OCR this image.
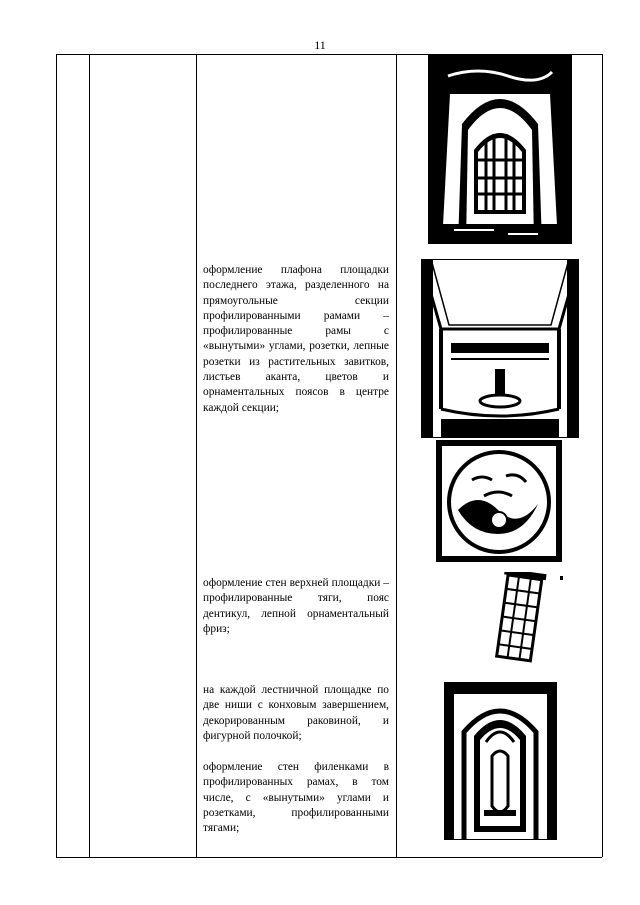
11
оформление плафона площадки последнего этажа, разделенного на прямоугольные секции профилированными рамами – профилированные рамы с «вынутыми» углами, розетки, лепные розетки из растительных завитков, листьев аканта, цветов и орнаментальных поясов в центре каждой секции;
оформление стен верхней площадки – профилированные тяги, пояс дентикул, лепной орнаментальный фриз;
на каждой лестничной площадке по две ниши с конховым завершением, декорированным раковиной, и фигурной полочкой;
оформление стен филенками в профилированных рамах, в том числе, с «вынутыми» углами и розетками, профилированными тягами;
